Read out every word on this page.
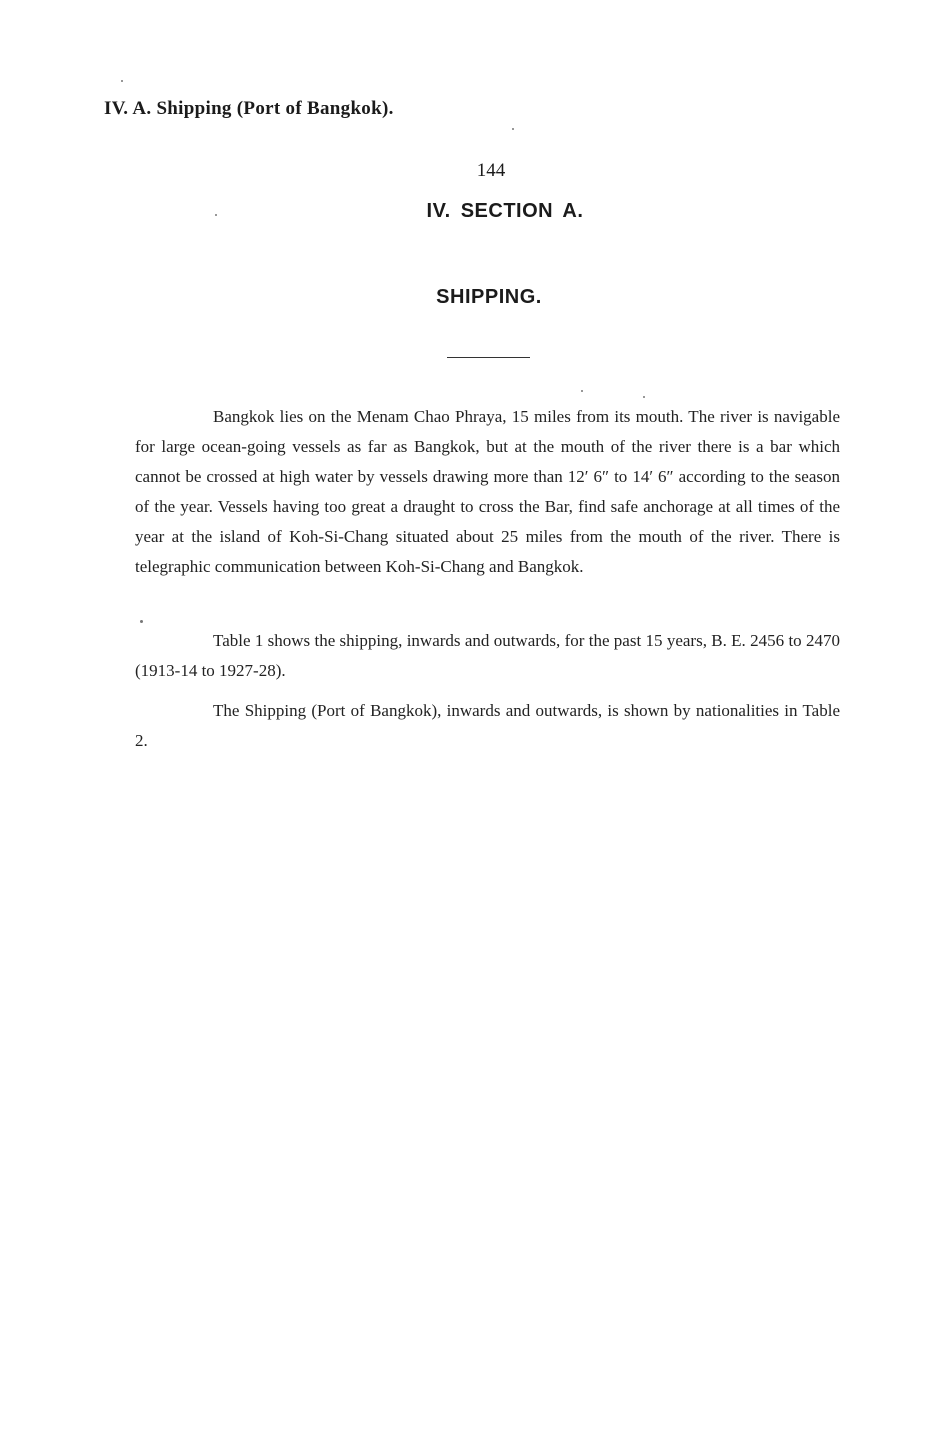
IV. A. Shipping (Port of Bangkok).
144
IV. SECTION A.
SHIPPING.

Bangkok lies on the Menam Chao Phraya, 15 miles from its mouth. The river is navigable for large ocean-going vessels as far as Bangkok, but at the mouth of the river there is a bar which cannot be crossed at high water by vessels drawing more than 12′ 6″ to 14′ 6″ according to the season of the year. Vessels having too great a draught to cross the Bar, find safe anchorage at all times of the year at the island of Koh-Si-Chang situated about 25 miles from the mouth of the river. There is telegraphic communication between Koh-Si-Chang and Bangkok.

Table 1 shows the shipping, inwards and outwards, for the past 15 years, B. E. 2456 to 2470 (1913-14 to 1927-28).

The Shipping (Port of Bangkok), inwards and outwards, is shown by nationalities in Table 2.
